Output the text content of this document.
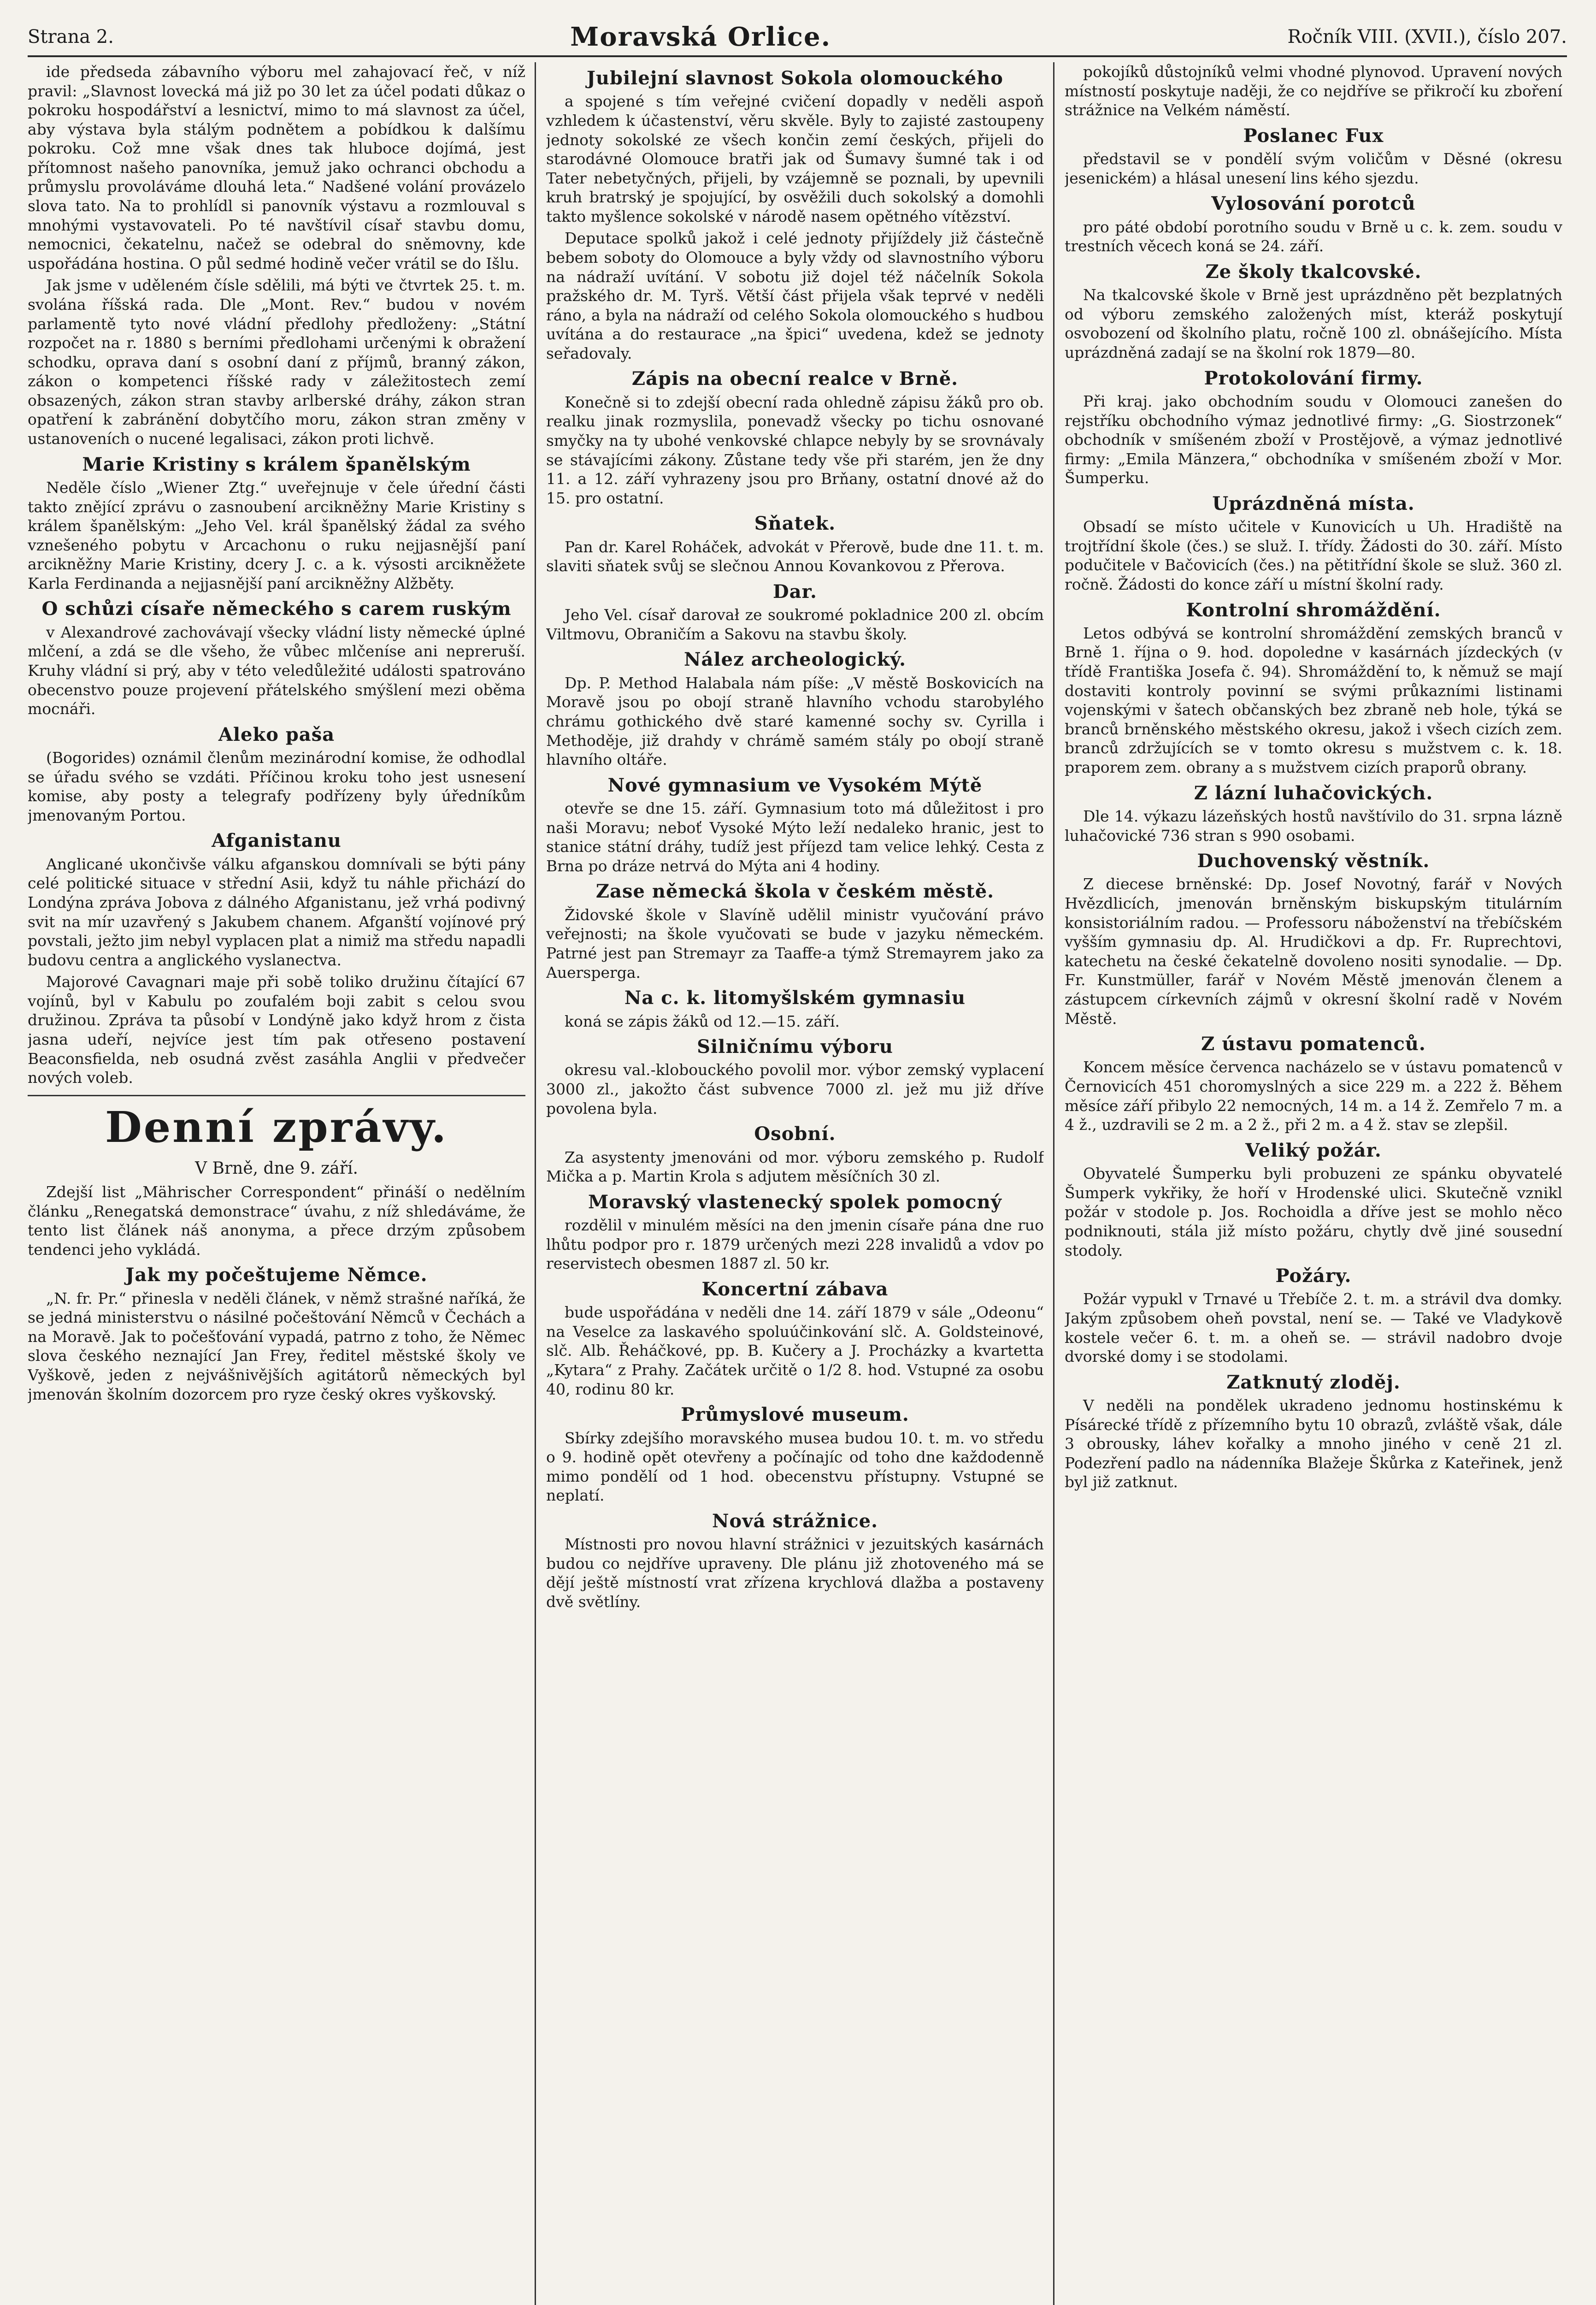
Strana 2.	Moravská Orlice.	Ročník VIII. (XVII.), číslo 207.

ide předseda zábavního výboru mel zahajovací řeč, v níž pravil: „Slavnost lovecká má již po 30 let za účel podati důkaz o pokroku hospodářství a lesnictví, mimo to má slavnost za účel, aby výstava byla stálým podnětem a pobídkou k dalšímu pokroku. Což mne však dnes tak hluboce dojímá, jest přítomnost našeho panovníka, jemuž jako ochranci obchodu a průmyslu provoláváme dlouhá leta.“ Nadšené volání provázelo slova tato. Na to prohlídl si panovník výstavu a rozmlouval s mnohými vystavovateli. Po té navštívil císař stavbu domu, nemocnici, čekatelnu, načež se odebral do sněmovny, kde uspořádána hostina. O půl sedmé hodině večer vrátil se do Išlu.

Jak jsme v uděleném čísle sdělili, má býti ve čtvrtek 25. t. m. svolána říšská rada. Dle „Mont. Rev.“ budou v novém parlamentě tyto nové vládní předlohy předloženy: „Státní rozpočet na r. 1880 s berními předlohami určenými k obražení schodku, oprava daní s osobní daní z příjmů, branný zákon, zákon o kompetenci říšské rady v záležitostech zemí obsazených, zákon stran stavby arlberské dráhy, zákon stran opatření k zabránění dobytčího moru, zákon stran změny v ustanoveních o nucené legalisaci, zákon proti lichvě.

Marie Kristiny s králem španělským

Neděle číslo „Wiener Ztg.“ uveřejnuje v čele úřední části takto znějící zprávu o zasnoubení arcikněžny Marie Kristiny s králem španělským: „Jeho Vel. král španělský žádal za svého vznešeného pobytu v Arcachonu o ruku nejjasnější paní arcikněžny Marie Kristiny, dcery J. c. a k. výsosti arcikněžete Karla Ferdinanda a nejjasnější paní arcikněžny Alžběty.

O schůzi císaře německého s carem ruským

v Alexandrové zachovávají všecky vládní listy německé úplné mlčení, a zdá se dle všeho, že vůbec mlčeníse ani nepreruší. Kruhy vládní si prý, aby v této veledůležité události spatrováno obecenstvo pouze projevení přátelského smýšlení mezi oběma mocnáři.

Aleko paša

(Bogorides) oznámil členům mezinárodní komise, že odhodlal se úřadu svého se vzdáti. Příčinou kroku toho jest usnesení komise, aby posty a telegrafy podřízeny byly úředníkům jmenovaným Portou.

Afganistanu

Anglicané ukončivše válku afganskou domnívali se býti pány celé politické situace v střední Asii, když tu náhle přichází do Londýna zpráva Jobova z dálného Afganistanu, jež vrhá podivný svit na mír uzavřený s Jakubem chanem. Afganští vojínové prý povstali, ježto jim nebyl vyplacen plat a nimiž ma středu napadli budovu centra a anglického vyslanectva.

Majorové Cavagnari maje při sobě toliko družinu čítající 67 vojínů, byl v Kabulu po zoufalém boji zabit s celou svou družinou. Zpráva ta působí v Londýně jako když hrom z čista jasna udeří, nejvíce jest tím pak otřeseno postavení Beaconsfielda, neb osudná zvěst zasáhla Anglii v předvečer nových voleb.

Denní zprávy.
V Brně, dne 9. září.

Zdejší list „Mährischer Correspondent“ přináší o nedělním článku „Renegatská demonstrace“ úvahu, z níž shledáváme, že tento list článek náš anonyma, a přece drzým způsobem tendenci jeho vykládá.

Jak my počeštujeme Němce.

„N. fr. Pr.“ přinesla v neděli článek, v němž strašné naříká, že se jedná ministerstvu o násilné počeštování Němců v Čechách a na Moravě. Jak to počešťování vypadá, patrno z toho, že Němec slova českého neznající Jan Frey, ředitel městské školy ve Vyškově, jeden z nejvášnivějších agitátorů německých byl jmenován školním dozorcem pro ryze český okres vyškovský.

Jubilejní slavnost Sokola olomouckého

a spojené s tím veřejné cvičení dopadly v neděli aspoň vzhledem k účastenství, věru skvěle. Byly to zajisté zastoupeny jednoty sokolské ze všech končin zemí českých, přijeli do starodávné Olomouce bratři jak od Šumavy šumné tak i od Tater nebetyčných, přijeli, by vzájemně se poznali, by upevnili kruh bratrský je spojující, by osvěžili duch sokolský a domohli takto myšlence sokolské v národě nasem opětného vítězství.

Deputace spolků jakož i celé jednoty přijíždely již částečně bebem soboty do Olomouce a byly vždy od slavnostního výboru na nádraží uvítání. V sobotu již dojel též náčelník Sokola pražského dr. M. Tyrš. Větší část přijela však teprvé v neděli ráno, a byla na nádraží od celého Sokola olomouckého s hudbou uvítána a do restaurace „na špici“ uvedena, kdež se jednoty seřadovaly.

Zápis na obecní realce v Brně.

Konečně si to zdejší obecní rada ohledně zápisu žáků pro ob. realku jinak rozmyslila, ponevadž všecky po tichu osnované smyčky na ty ubohé venkovské chlapce nebyly by se srovnávaly se stávajícími zákony. Zůstane tedy vše při starém, jen že dny 11. a 12. září vyhrazeny jsou pro Brňany, ostatní dnové až do 15. pro ostatní.

Sňatek.

Pan dr. Karel Roháček, advokát v Přerově, bude dne 11. t. m. slaviti sňatek svůj se slečnou Annou Kovankovou z Přerova.

Dar.

Jeho Vel. císař darovał ze soukromé pokladnice 200 zl. obcím Viltmovu, Obraničím a Sakovu na stavbu školy.

Nález archeologický.

Dp. P. Method Halabala nám píše: „V městě Boskovicích na Moravě jsou po obojí straně hlavního vchodu starobylého chrámu gothického dvě staré kamenné sochy sv. Cyrilla i Methoděje, již drahdy v chrámě samém stály po obojí straně hlavního oltáře.

Nové gymnasium ve Vysokém Mýtě

otevře se dne 15. září. Gymnasium toto má důležitost i pro naši Moravu; neboť Vysoké Mýto leží nedaleko hranic, jest to stanice státní dráhy, tudíž jest příjezd tam velice lehký. Cesta z Brna po dráze netrvá do Mýta ani 4 hodiny.

Zase německá škola v českém městě.

Židovské škole v Slavíně udělil ministr vyučování právo veřejnosti; na škole vyučovati se bude v jazyku německém. Patrné jest pan Stremayr za Taaffe-a týmž Stremayrem jako za Auersperga.

Na c. k. litomyšlském gymnasiu

koná se zápis žáků od 12.—15. září.

Silničnímu výboru

okresu val.-klobouckého povolil mor. výbor zemský vyplacení 3000 zl., jakožto část subvence 7000 zl. jež mu již dříve povolena byla.

Osobní.

Za asystenty jmenováni od mor. výboru zemského p. Rudolf Mička a p. Martin Krola s adjutem měsíčních 30 zl.

Moravský vlastenecký spolek pomocný

rozdělil v minulém měsíci na den jmenin císaře pána dne ruo lhůtu podpor pro r. 1879 určených mezi 228 invalidů a vdov po reservistech obesmen 1887 zl. 50 kr.

Koncertní zábava

bude uspořádána v neděli dne 14. září 1879 v sále „Odeonu“ na Veselce za laskavého spoluúčinkování slč. A. Goldsteinové, slč. Alb. Řeháčkové, pp. B. Kučery a J. Procházky a kvartetta „Kytara“ z Prahy. Začátek určitě o 1/2 8. hod. Vstupné za osobu 40, rodinu 80 kr.

Průmyslové museum.

Sbírky zdejšího moravského musea budou 10. t. m. vo středu o 9. hodině opět otevřeny a počínajíc od toho dne každodenně mimo pondělí od 1 hod. obecenstvu přístupny. Vstupné se neplatí.

Nová strážnice.

Místnosti pro novou hlavní strážnici v jezuitských kasárnách budou co nejdříve upraveny. Dle plánu již zhotoveného má se dějí ještě místností vrat zřízena krychlová dlažba a postaveny dvě světlíny.

pokojíků důstojníků velmi vhodné plynovod. Upravení nových místností poskytuje naději, že co nejdříve se přikročí ku zboření strážnice na Velkém náměstí.

Poslanec Fux

představil se v pondělí svým voličům v Děsné (okresu jesenickém) a hlásal unesení lins kého sjezdu.

Vylosování porotců

pro páté období porotního soudu v Brně u c. k. zem. soudu v trestních věcech koná se 24. září.

Ze školy tkalcovské.

Na tkalcovské škole v Brně jest uprázdněno pět bezplatných od výboru zemského založených míst, kteráž poskytují osvobození od školního platu, ročně 100 zl. obnášejícího. Místa uprázdněná zadají se na školní rok 1879—80.

Protokolování firmy.

Při kraj. jako obchodním soudu v Olomouci zanešen do rejstříku obchodního výmaz jednotlivé firmy: „G. Siostrzonek“ obchodník v smíšeném zboží v Prostějově, a výmaz jednotlivé firmy: „Emila Mänzera,“ obchodníka v smíšeném zboží v Mor. Šumperku.

Uprázdněná místa.

Obsadí se místo učitele v Kunovicích u Uh. Hradiště na trojtřídní škole (čes.) se služ. I. třídy. Žádosti do 30. září. Místo podučitele v Bačovicích (čes.) na pětitřídní škole se služ. 360 zl. ročně. Žádosti do konce září u místní školní rady.

Kontrolní shromáždění.

Letos odbývá se kontrolní shromáždění zemských branců v Brně 1. října o 9. hod. dopoledne v kasárnách jízdeckých (v třídě Františka Josefa č. 94). Shromáždění to, k němuž se mají dostaviti kontroly povinní se svými průkazními listinami vojenskými v šatech občanských bez zbraně neb hole, týká se branců brněnského městského okresu, jakož i všech cizích zem. branců zdržujících se v tomto okresu s mužstvem c. k. 18. praporem zem. obrany a s mužstvem cizích praporů obrany.

Z lázní luhačovických.

Dle 14. výkazu lázeňských hostů navštívilo do 31. srpna lázně luhačovické 736 stran s 990 osobami.

Duchovenský věstník.

Z diecese brněnské: Dp. Josef Novotný, farář v Nových Hvězdlicích, jmenován brněnským biskupským titulárním konsistoriálním radou. — Professoru náboženství na třebíčském vyšším gymnasiu dp. Al. Hrudičkovi a dp. Fr. Ruprechtovi, katechetu na české čekatelně dovoleno nositi synodalie. — Dp. Fr. Kunstmüller, farář v Novém Městě jmenován členem a zástupcem církevních zájmů v okresní školní radě v Novém Městě.

Z ústavu pomatenců.

Koncem měsíce červenca nacházelo se v ústavu pomatenců v Černovicích 451 choromyslných a sice 229 m. a 222 ž. Během měsíce září přibylo 22 nemocných, 14 m. a 14 ž. Zemřelo 7 m. a 4 ž., uzdravili se 2 m. a 2 ž., při 2 m. a 4 ž. stav se zlepšil.

Veliký požár.

Obyvatelé Šumperku byli probuzeni ze spánku obyvatelé Šumperk vykřiky, že hoří v Hrodenské ulici. Skutečně vznikl požár v stodole p. Jos. Rochoidla a dříve jest se mohlo něco podniknouti, stála již místo požáru, chytly dvě jiné sousední stodoly.

Požáry.

Požár vypukl v Trnavé u Třebíče 2. t. m. a strávil dva domky. Jakým způsobem oheň povstal, není se. — Také ve Vladykově kostele večer 6. t. m. a oheň se. — strávil nadobro dvoje dvorské domy i se stodolami.

Zatknutý zloděj.

V neděli na pondělek ukradeno jednomu hostinskému k Písárecké třídě z přízemního bytu 10 obrazů, zvláště však, dále 3 obrousky, láhev kořalky a mnoho jiného v ceně 21 zl. Podezření padlo na nádenníka Blažeje Škůrka z Kateřinek, jenž byl již zatknut.
